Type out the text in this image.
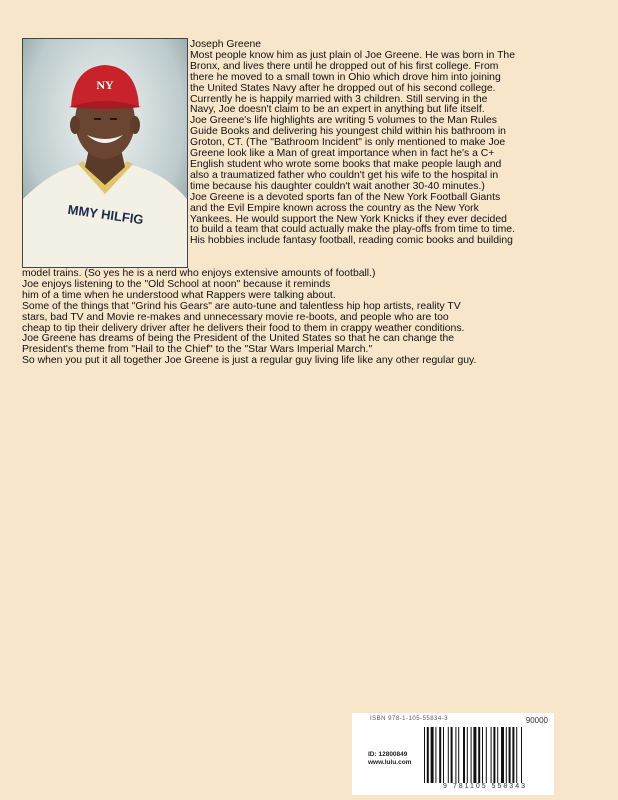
NY
MMY HILFIG

Joseph Greene

Most people know him as just plain ol Joe Greene. He was born in The

Bronx, and lives there until he dropped out of his first college. From

there he moved to a small town in Ohio which drove him into joining

the United States Navy after he dropped out of his second college.

Currently he is happily married with 3 children. Still serving in the

Navy, Joe doesn't claim to be an expert in anything but life itself.

Joe Greene's life highlights are writing 5 volumes to the Man Rules

Guide Books and delivering his youngest child within his bathroom in

Groton, CT. (The "Bathroom Incident" is only mentioned to make Joe

Greene look like a Man of great importance when in fact he's a C+

English student who wrote some books that make people laugh and

also a traumatized father who couldn't get his wife to the hospital in

time because his daughter couldn't wait another 30-40 minutes.)

Joe Greene is a devoted sports fan of the New York Football Giants

and the Evil Empire known across the country as the New York

Yankees. He would support the New York Knicks if they ever decided

to build a team that could actually make the play-offs from time to time.

His hobbies include fantasy football, reading comic books and building

model trains. (So yes he is a nerd who enjoys extensive amounts of football.)

Joe enjoys listening to the "Old School at noon" because it reminds

him of a time when he understood what Rappers were talking about.

Some of the things that "Grind his Gears" are auto-tune and talentless hip hop artists, reality TV

stars, bad TV and Movie re-makes and unnecessary movie re-boots, and people who are too

cheap to tip their delivery driver after he delivers their food to them in crappy weather conditions.

Joe Greene has dreams of being the President of the United States so that he can change the

President's theme from "Hail to the Chief" to the "Star Wars Imperial March."

So when you put it all together Joe Greene is just a regular guy living life like any other regular guy.

ISBN 978-1-105-55834-3	90000
ID: 12800849
www.lulu.com
9 781105 558343
